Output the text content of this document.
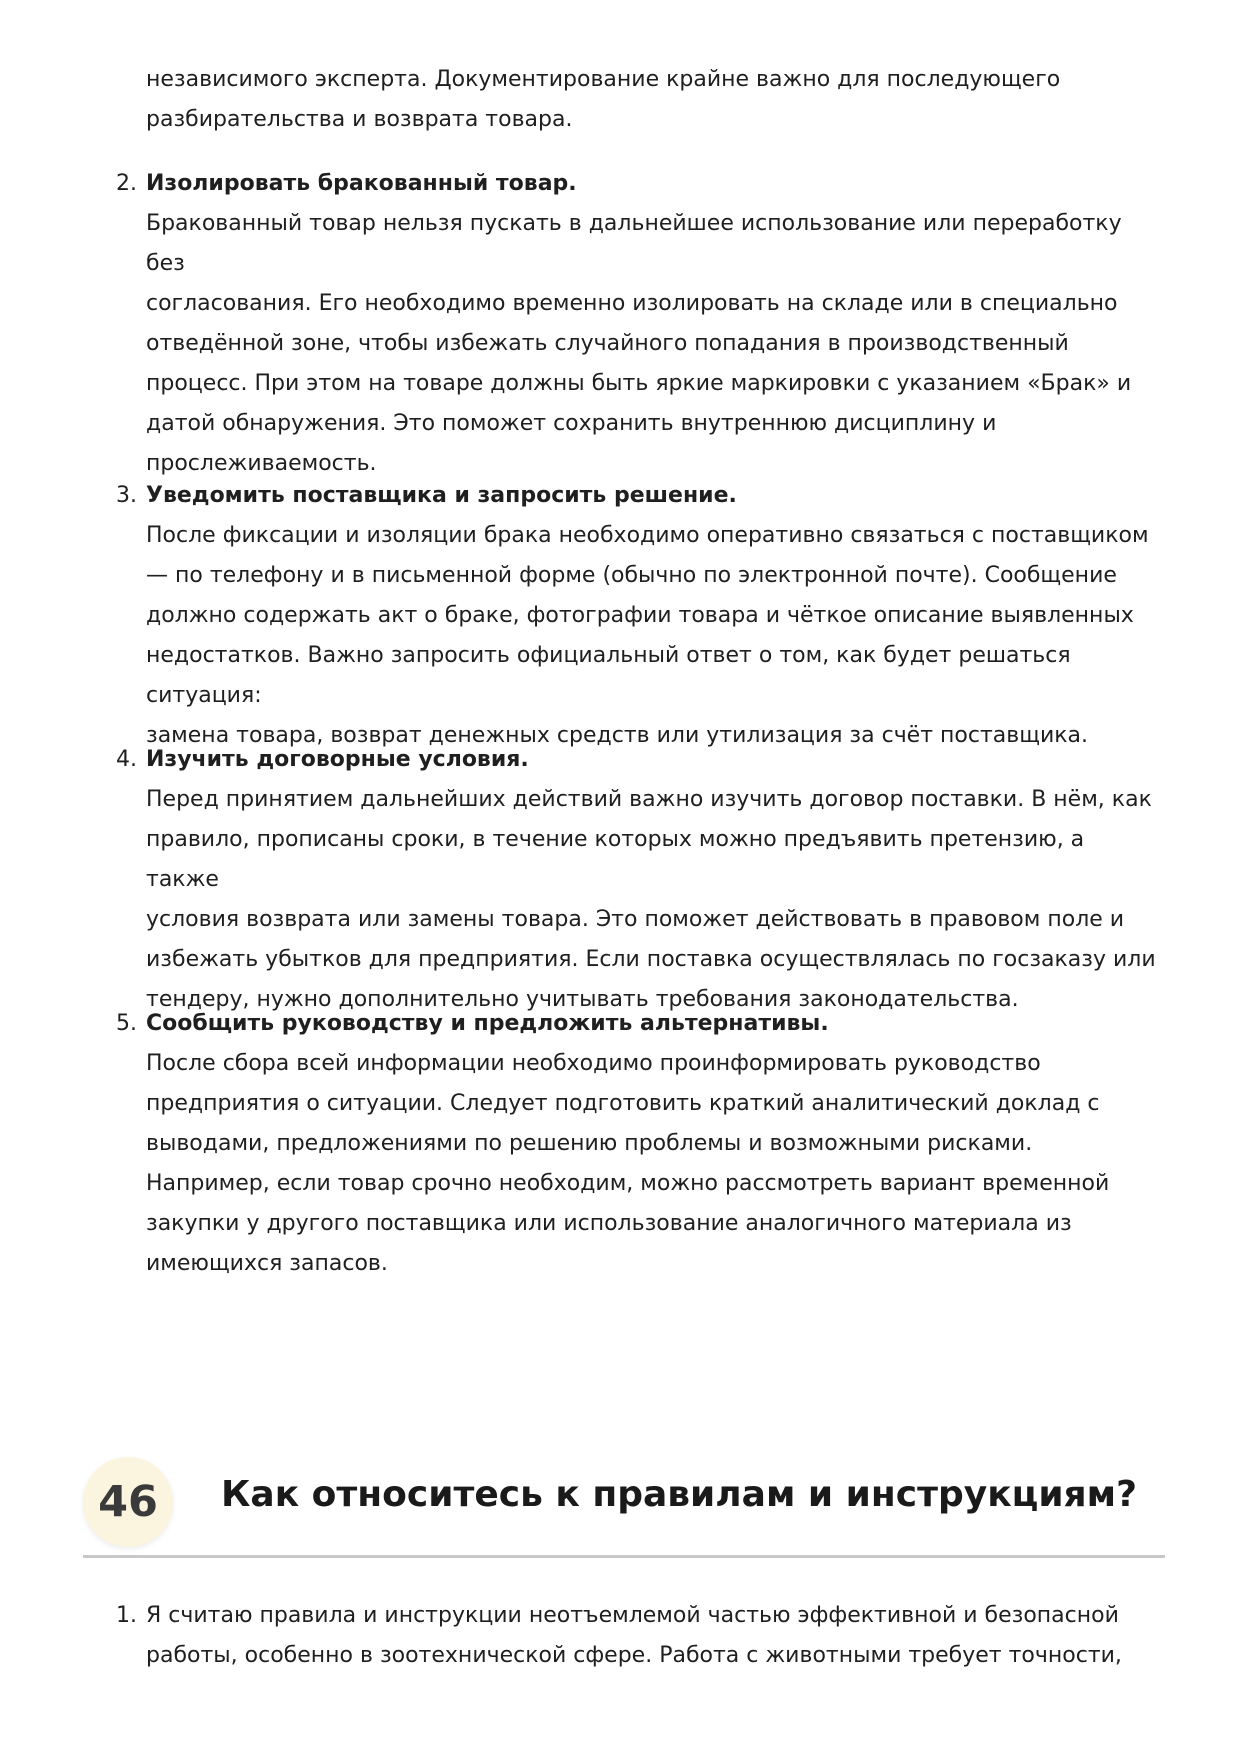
независимого эксперта. Документирование крайне важно для последующего
разбирательства и возврата товара.

2. Изолировать бракованный товар.
Бракованный товар нельзя пускать в дальнейшее использование или переработку без
согласования. Его необходимо временно изолировать на складе или в специально
отведённой зоне, чтобы избежать случайного попадания в производственный
процесс. При этом на товаре должны быть яркие маркировки с указанием «Брак» и
датой обнаружения. Это поможет сохранить внутреннюю дисциплину и
прослеживаемость.
3. Уведомить поставщика и запросить решение.
После фиксации и изоляции брака необходимо оперативно связаться с поставщиком
— по телефону и в письменной форме (обычно по электронной почте). Сообщение
должно содержать акт о браке, фотографии товара и чёткое описание выявленных
недостатков. Важно запросить официальный ответ о том, как будет решаться ситуация:
замена товара, возврат денежных средств или утилизация за счёт поставщика.
4. Изучить договорные условия.
Перед принятием дальнейших действий важно изучить договор поставки. В нём, как
правило, прописаны сроки, в течение которых можно предъявить претензию, а также
условия возврата или замены товара. Это поможет действовать в правовом поле и
избежать убытков для предприятия. Если поставка осуществлялась по госзаказу или
тендеру, нужно дополнительно учитывать требования законодательства.
5. Сообщить руководству и предложить альтернативы.
После сбора всей информации необходимо проинформировать руководство
предприятия о ситуации. Следует подготовить краткий аналитический доклад с
выводами, предложениями по решению проблемы и возможными рисками.
Например, если товар срочно необходим, можно рассмотреть вариант временной
закупки у другого поставщика или использование аналогичного материала из
имеющихся запасов.
46	Как относитесь к правилам и инструкциям?
1. Я считаю правила и инструкции неотъемлемой частью эффективной и безопасной
работы, особенно в зоотехнической сфере. Работа с животными требует точности,
